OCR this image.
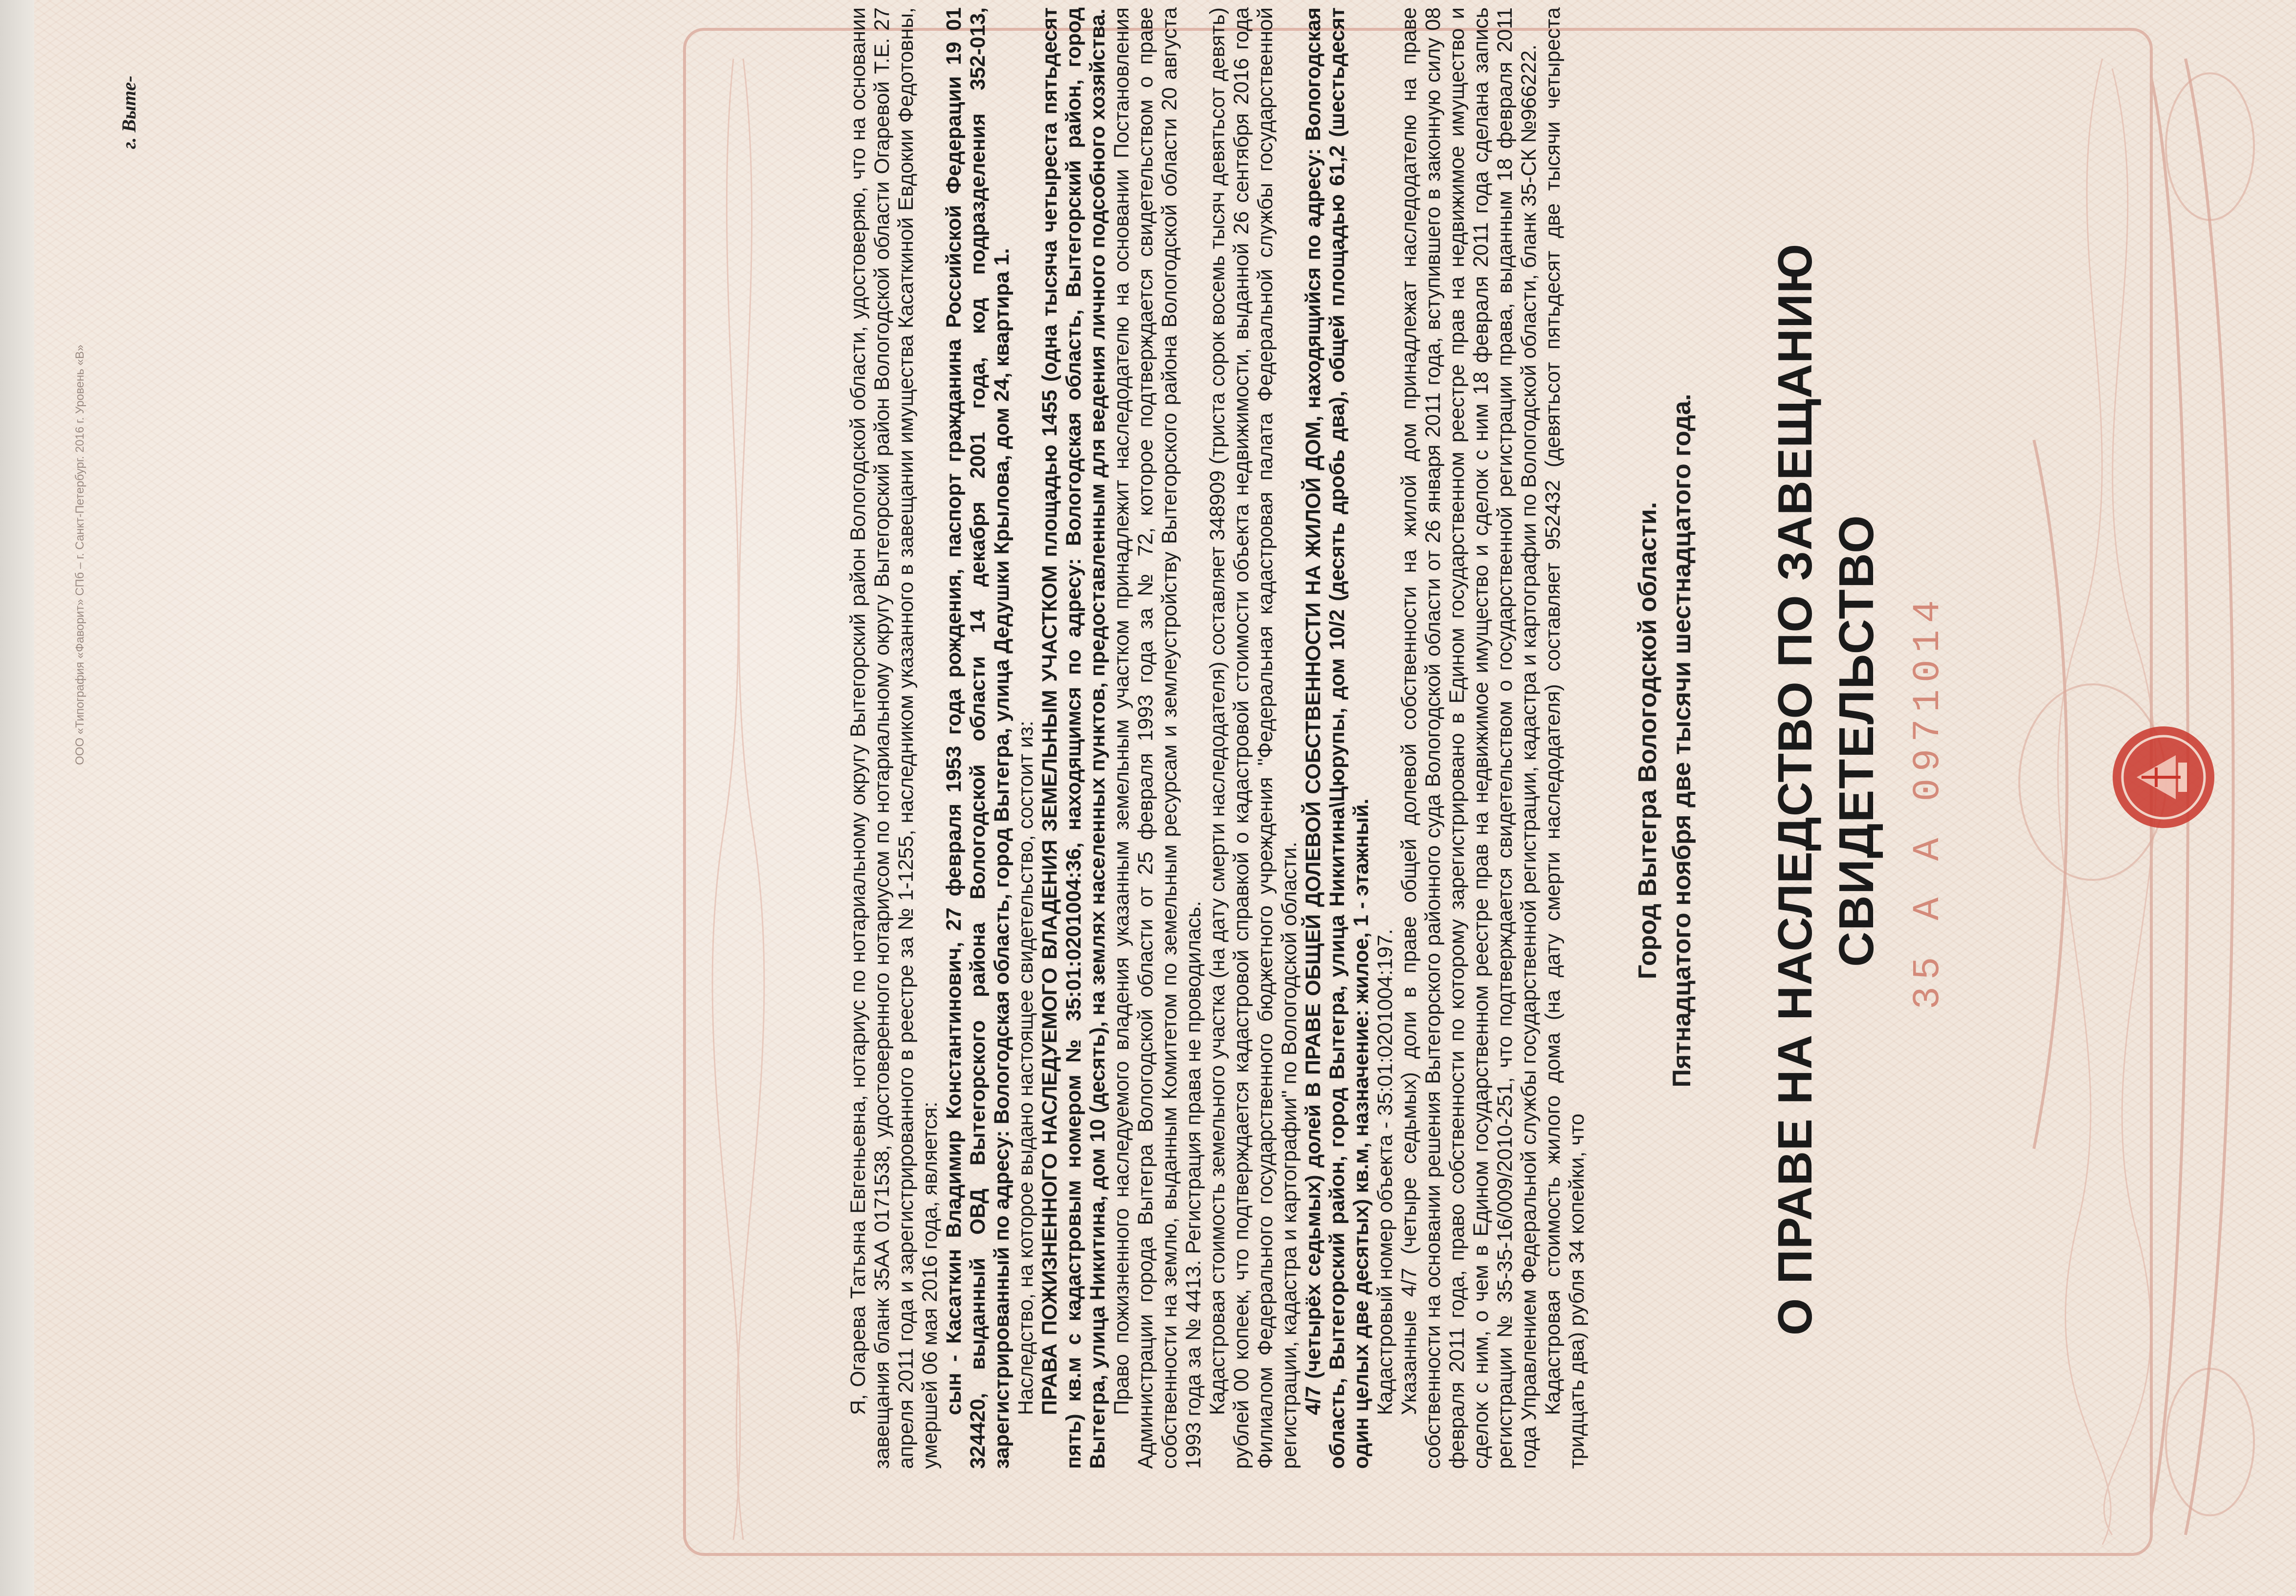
35 А А 0971014
СВИДЕТЕЛЬСТВО
О ПРАВЕ НА НАСЛЕДСТВО ПО ЗАВЕЩАНИЮ
Город Вытегра Вологодской области. Пятнадцатого ноября две тысячи шестнадцатого года.

Я, Огарева Татьяна Евгеньевна, нотариус по нотариальному округу Вытегорский район Вологодской области, удостоверяю, что на основании завещания бланк 35АА 0171538, удостоверенного нотариусом по нотариальному округу Вытегорский район Вологодской области Огаревой Т.Е. 27 апреля 2011 года и зарегистрированного в реестре за № 1-1255, наследником указанного в завещании имущества Касаткиной Евдокии Федотовны, умершей 06 мая 2016 года, является: сын - Касаткин Владимир Константинович, 27 февраля 1953 года рождения, паспорт гражданина Российской Федерации 19 01 324420, выданный ОВД Вытегорского района Вологодской области 14 декабря 2001 года, код подразделения 352-013, зарегистрированный по адресу: Вологодская область, город Вытегра, улица Дедушки Крылова, дом 24, квартира 1. Наследство, на которое выдано настоящее свидетельство, состоит из: ПРАВА ПОЖИЗНЕННОГО НАСЛЕДУЕМОГО ВЛАДЕНИЯ ЗЕМЕЛЬНЫМ УЧАСТКОМ площадью 1455 (одна тысяча четыреста пятьдесят пять) кв.м с кадастровым номером № 35:01:0201004:36, находящимся по адресу: Вологодская область, Вытегорский район, город Вытегра, улица Никитина, дом 10 (десять), на землях населенных пунктов, предоставленным для ведения личного подсобного хозяйства. Право пожизненного наследуемого владения указанным земельным участком принадлежит наследодателю на основании Постановления Администрации города Вытегра Вологодской области от 25 февраля 1993 года за № 72, которое подтверждается свидетельством о праве собственности на землю, выданным Комитетом по земельным ресурсам и землеустройству Вытегорского района Вологодской области 20 августа 1993 года за № 4413. Регистрация права не проводилась. Кадастровая стоимость земельного участка (на дату смерти наследодателя) составляет 348909 (триста сорок восемь тысяч девятьсот девять) рублей 00 копеек, что подтверждается кадастровой справкой о кадастровой стоимости объекта недвижимости, выданной 26 сентября 2016 года Филиалом Федерального государственного бюджетного учреждения "Федеральная кадастровая палата Федеральной службы государственной регистрации, кадастра и картографии" по Вологодской области. 4/7 (четырёх седьмых) долей В ПРАВЕ ОБЩЕЙ ДОЛЕВОЙ СОБСТВЕННОСТИ НА ЖИЛОЙ ДОМ, находящийся по адресу: Вологодская область, Вытегорский район, город Вытегра, улица Никитина\Цюрупы, дом 10/2 (десять дробь два), общей площадью 61,2 (шестьдесят один целых две десятых) кв.м, назначение: жилое, 1 - этажный. Кадастровый номер объекта - 35:01:0201004:197. Указанные 4/7 (четыре седьмых) доли в праве общей долевой собственности на жилой дом принадлежат наследодателю на праве собственности на основании решения Вытегорского районного суда Вологодской области от 26 января 2011 года, вступившего в законную силу 08 февраля 2011 года, право собственности по которому зарегистрировано в Едином государственном реестре прав на недвижимое имущество и сделок с ним, о чем в Едином государственном реестре прав на недвижимое имущество и сделок с ним 18 февраля 2011 года сделана запись регистрации № 35-35-16/009/2010-251, что подтверждается свидетельством о государственной регистрации права, выданным 18 февраля 2011 года Управлением Федеральной службы государственной регистрации, кадастра и картографии по Вологодской области, бланк 35-СК №966222. Кадастровая стоимость жилого дома (на дату смерти наследодателя) составляет 952432 (девятьсот пятьдесят две тысячи четыреста тридцать два) рубля 34 копейки, что

г. Выте-
ООО «Типография «Фаворит» СПб – г. Санкт-Петербург. 2016 г. Уровень «В»
